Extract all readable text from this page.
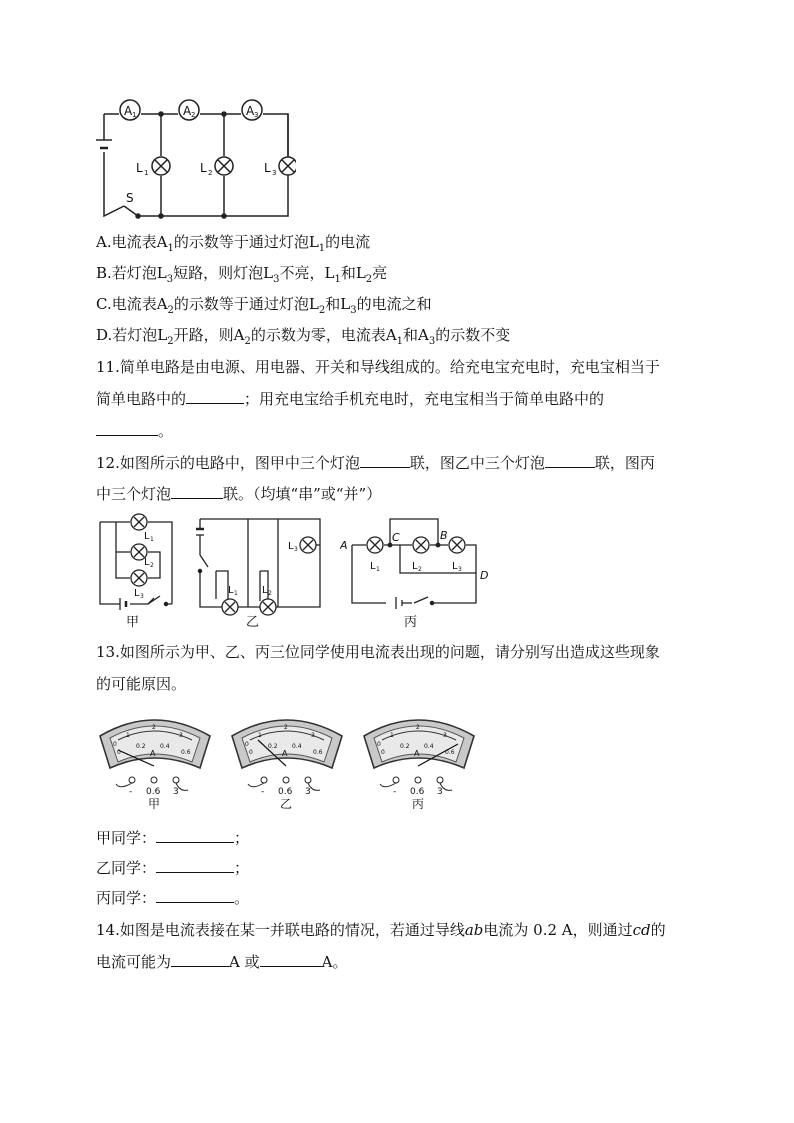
A 1	A 2	A 3
L 1	L 2	L 3
S
A.电流表$A_1$的示数等于通过灯泡$L_1$的电流
B.若灯泡$L_3$短路，则灯泡$L_3$不亮，$L_1$和$L_2$亮
C.电流表$A_2$的示数等于通过灯泡$L_2$和$L_3$的电流之和
D.若灯泡$L_2$开路，则$A_2$的示数为零，电流表$A_1$和$A_3$的示数不变
11.简单电路是由电源、用电器、开关和导线组成的。给充电宝充电时，充电宝相当于
简单电路中的	；用充电宝给手机充电时，充电宝相当于简单电路中的
。
12.如图所示的电路中，图甲中三个灯泡	联，图乙中三个灯泡	联，图丙
中三个灯泡	联。（均填“串”或“并”）
L 1
L 2
L 3
甲
L 3
L 1 L 2
乙
A
C	B
D
L 1	L 2	L 3
丙
13.如图所示为甲、乙、丙三位同学使用电流表出现的问题，请分别写出造成这些现象
的可能原因。
1
2
3
0
0
0.2 0.4
0.6
A
- 0.6 3
甲
1
2
3
0
0
0.2 0.4
0.6
A
- 0.6 3
乙
1
2
3
0
0
0.2 0.4
0.6
A
- 0.6 3
丙
甲同学：	；
乙同学：	；
丙同学：	。
14.如图是电流表接在某一并联电路的情况，若通过导线ab电流为 0.2 A，则通过cd的
电流可能为	A 或	A。
